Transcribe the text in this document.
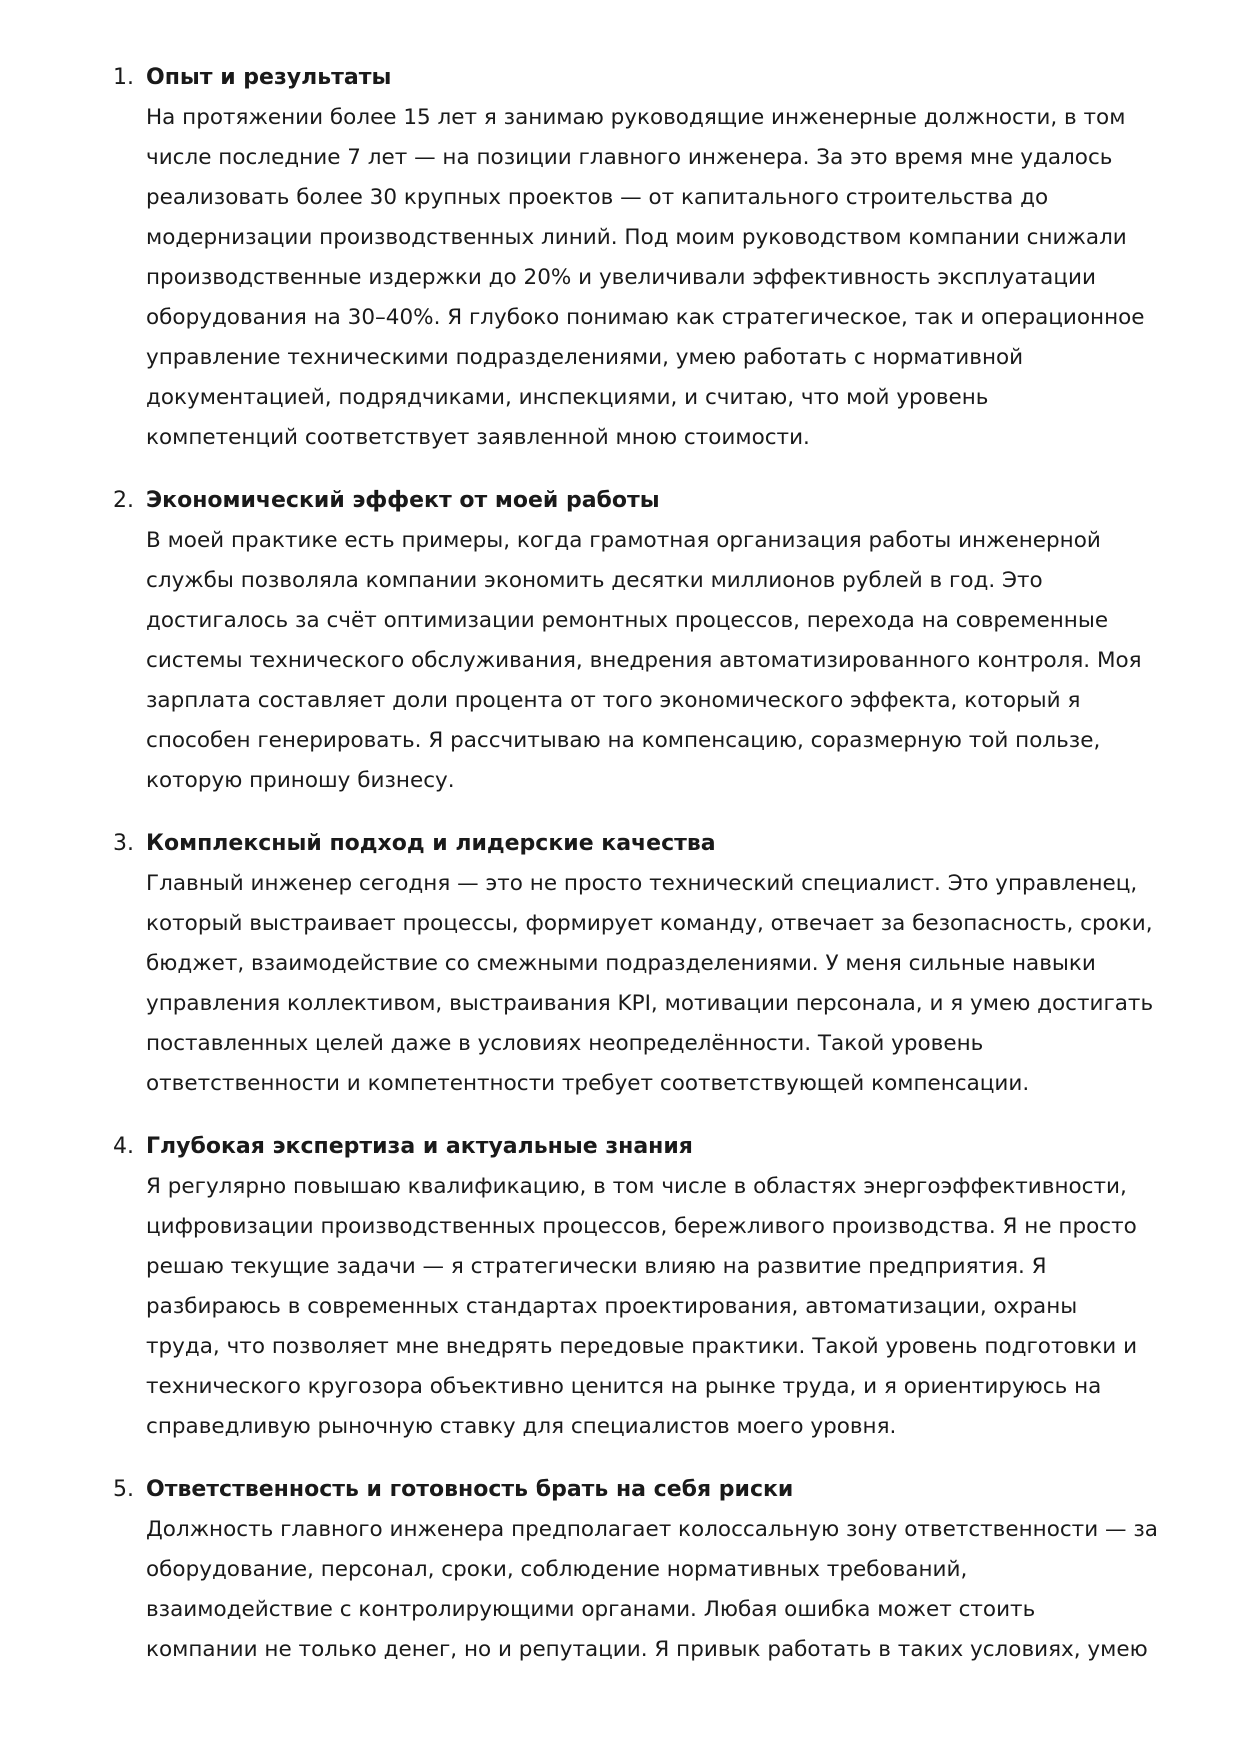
1. Опыт и результаты
На протяжении более 15 лет я занимаю руководящие инженерные должности, в том
числе последние 7 лет — на позиции главного инженера. За это время мне удалось
реализовать более 30 крупных проектов — от капитального строительства до
модернизации производственных линий. Под моим руководством компании снижали
производственные издержки до 20% и увеличивали эффективность эксплуатации
оборудования на 30–40%. Я глубоко понимаю как стратегическое, так и операционное
управление техническими подразделениями, умею работать с нормативной
документацией, подрядчиками, инспекциями, и считаю, что мой уровень
компетенций соответствует заявленной мною стоимости.
2. Экономический эффект от моей работы
В моей практике есть примеры, когда грамотная организация работы инженерной
службы позволяла компании экономить десятки миллионов рублей в год. Это
достигалось за счёт оптимизации ремонтных процессов, перехода на современные
системы технического обслуживания, внедрения автоматизированного контроля. Моя
зарплата составляет доли процента от того экономического эффекта, который я
способен генерировать. Я рассчитываю на компенсацию, соразмерную той пользе,
которую приношу бизнесу.
3. Комплексный подход и лидерские качества
Главный инженер сегодня — это не просто технический специалист. Это управленец,
который выстраивает процессы, формирует команду, отвечает за безопасность, сроки,
бюджет, взаимодействие со смежными подразделениями. У меня сильные навыки
управления коллективом, выстраивания KPI, мотивации персонала, и я умею достигать
поставленных целей даже в условиях неопределённости. Такой уровень
ответственности и компетентности требует соответствующей компенсации.
4. Глубокая экспертиза и актуальные знания
Я регулярно повышаю квалификацию, в том числе в областях энергоэффективности,
цифровизации производственных процессов, бережливого производства. Я не просто
решаю текущие задачи — я стратегически влияю на развитие предприятия. Я
разбираюсь в современных стандартах проектирования, автоматизации, охраны
труда, что позволяет мне внедрять передовые практики. Такой уровень подготовки и
технического кругозора объективно ценится на рынке труда, и я ориентируюсь на
справедливую рыночную ставку для специалистов моего уровня.
5. Ответственность и готовность брать на себя риски
Должность главного инженера предполагает колоссальную зону ответственности — за
оборудование, персонал, сроки, соблюдение нормативных требований,
взаимодействие с контролирующими органами. Любая ошибка может стоить
компании не только денег, но и репутации. Я привык работать в таких условиях, умею
